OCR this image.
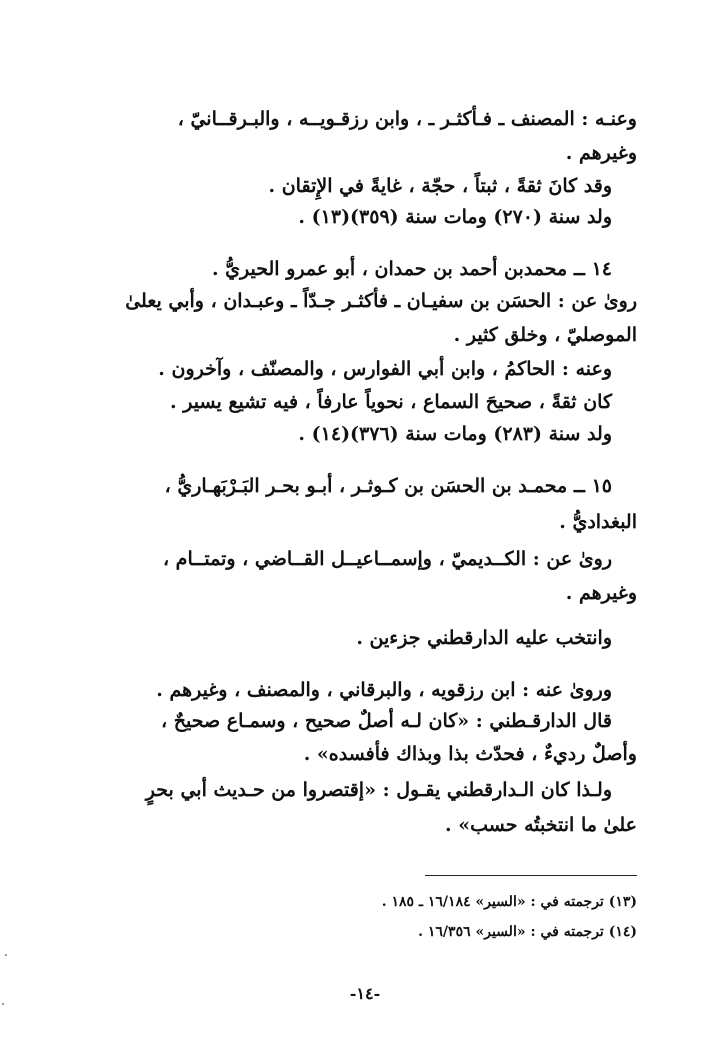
وعنـه : المصنف ـ فـأكثـر ـ ، وابن رزقـويــه ، والبـرقــانيّ ،
وغيرهم .
وقد كانَ ثقةً ، ثبتاً ، حجّة ، غايةً في الإِتقان .
ولد سنة (٢٧٠) ومات سنة (٣٥٩)(١٣) .
١٤ ــ محمدبن أحمد بن حمدان ، أبو عمرو الحيريُّ .
روىٰ عن : الحسَن بن سفيـان ـ فأكثـر جـدّاً ـ وعبـدان ، وأبي يعلىٰ
الموصليّ ، وخلق كثير .
وعنه : الحاكمُ ، وابن أبي الفوارس ، والمصنّف ، وآخرون .
كان ثقةً ، صحيحَ السماع ، نحوياً عارفاً ، فيه تشيع يسير .
ولد سنة (٢٨٣) ومات سنة (٣٧٦)(١٤) .
١٥ ــ محمـد بن الحسَن بن كـوثـر ، أبـو بحـر البَـرْبَهـاريُّ ،
البغداديُّ .
روىٰ عن : الكــديميّ ، وإسمــاعيــل القــاضي ، وتمتــام ،
وغيرهم .
وانتخب عليه الدارقطني جزءين .
وروىٰ عنه : ابن رزقويه ، والبرقاني ، والمصنف ، وغيرهم .
قال الدارقـطني : «كان لـه أصلٌ صحيح ، وسمـاع صحيحٌ ،
وأصلٌ رديءٌ ، فحدّث بذا وبذاك فأفسده» .
ولـذا كان الـدارقطني يقـول : «إقتصروا من حـديث أبي بحرٍ
علىٰ ما انتخبتُه حسب» .
(١٣) ترجمته في : «السير» ١٦/١٨٤ ـ ١٨٥ .
(١٤) ترجمته في : «السير» ١٦/٣٥٦ .
-١٤-
